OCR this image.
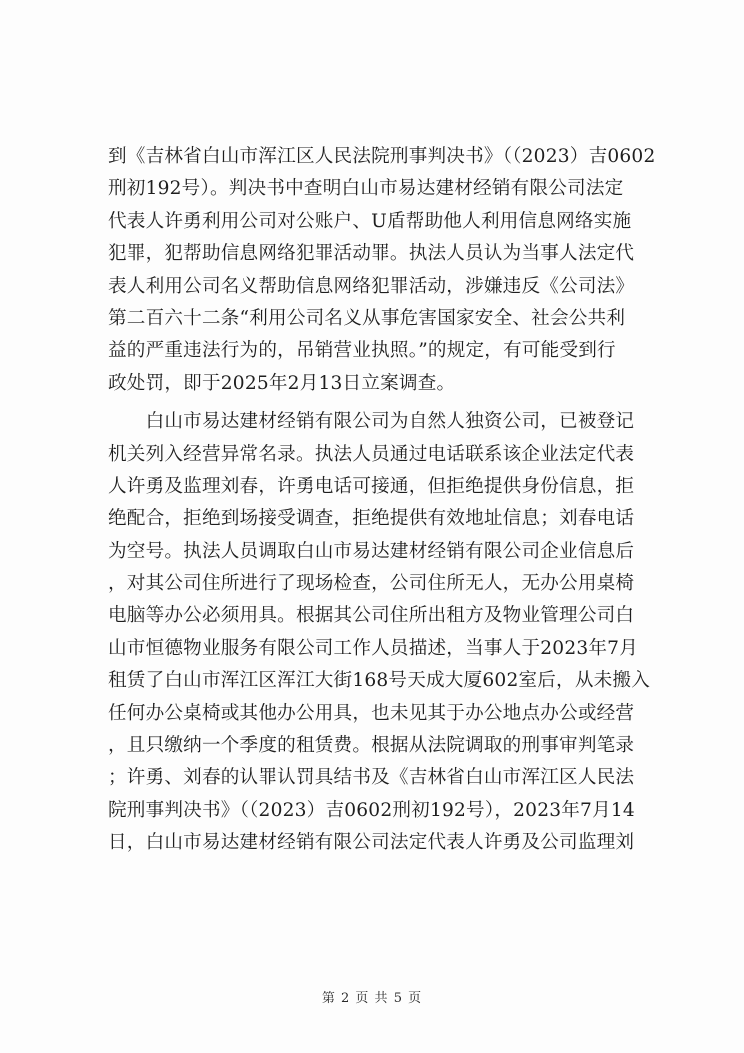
到《吉林省白山市浑江区人民法院刑事判决书》（（2023）吉0602
刑初192号）。判决书中查明白山市易达建材经销有限公司法定
代表人许勇利用公司对公账户、U盾帮助他人利用信息网络实施
犯罪，犯帮助信息网络犯罪活动罪。执法人员认为当事人法定代
表人利用公司名义帮助信息网络犯罪活动，涉嫌违反《公司法》
第二百六十二条“利用公司名义从事危害国家安全、社会公共利
益的严重违法行为的，吊销营业执照。”的规定，有可能受到行
政处罚，即于2025年2月13日立案调查。
　　白山市易达建材经销有限公司为自然人独资公司，已被登记
机关列入经营异常名录。执法人员通过电话联系该企业法定代表
人许勇及监理刘春，许勇电话可接通，但拒绝提供身份信息，拒
绝配合，拒绝到场接受调查，拒绝提供有效地址信息；刘春电话
为空号。执法人员调取白山市易达建材经销有限公司企业信息后
，对其公司住所进行了现场检查，公司住所无人，无办公用桌椅
电脑等办公必须用具。根据其公司住所出租方及物业管理公司白
山市恒德物业服务有限公司工作人员描述，当事人于2023年7月
租赁了白山市浑江区浑江大街168号天成大厦602室后，从未搬入
任何办公桌椅或其他办公用具，也未见其于办公地点办公或经营
，且只缴纳一个季度的租赁费。根据从法院调取的刑事审判笔录
；许勇、刘春的认罪认罚具结书及《吉林省白山市浑江区人民法
院刑事判决书》（（2023）吉0602刑初192号），2023年7月14
日，白山市易达建材经销有限公司法定代表人许勇及公司监理刘
第 2 页 共 5 页
